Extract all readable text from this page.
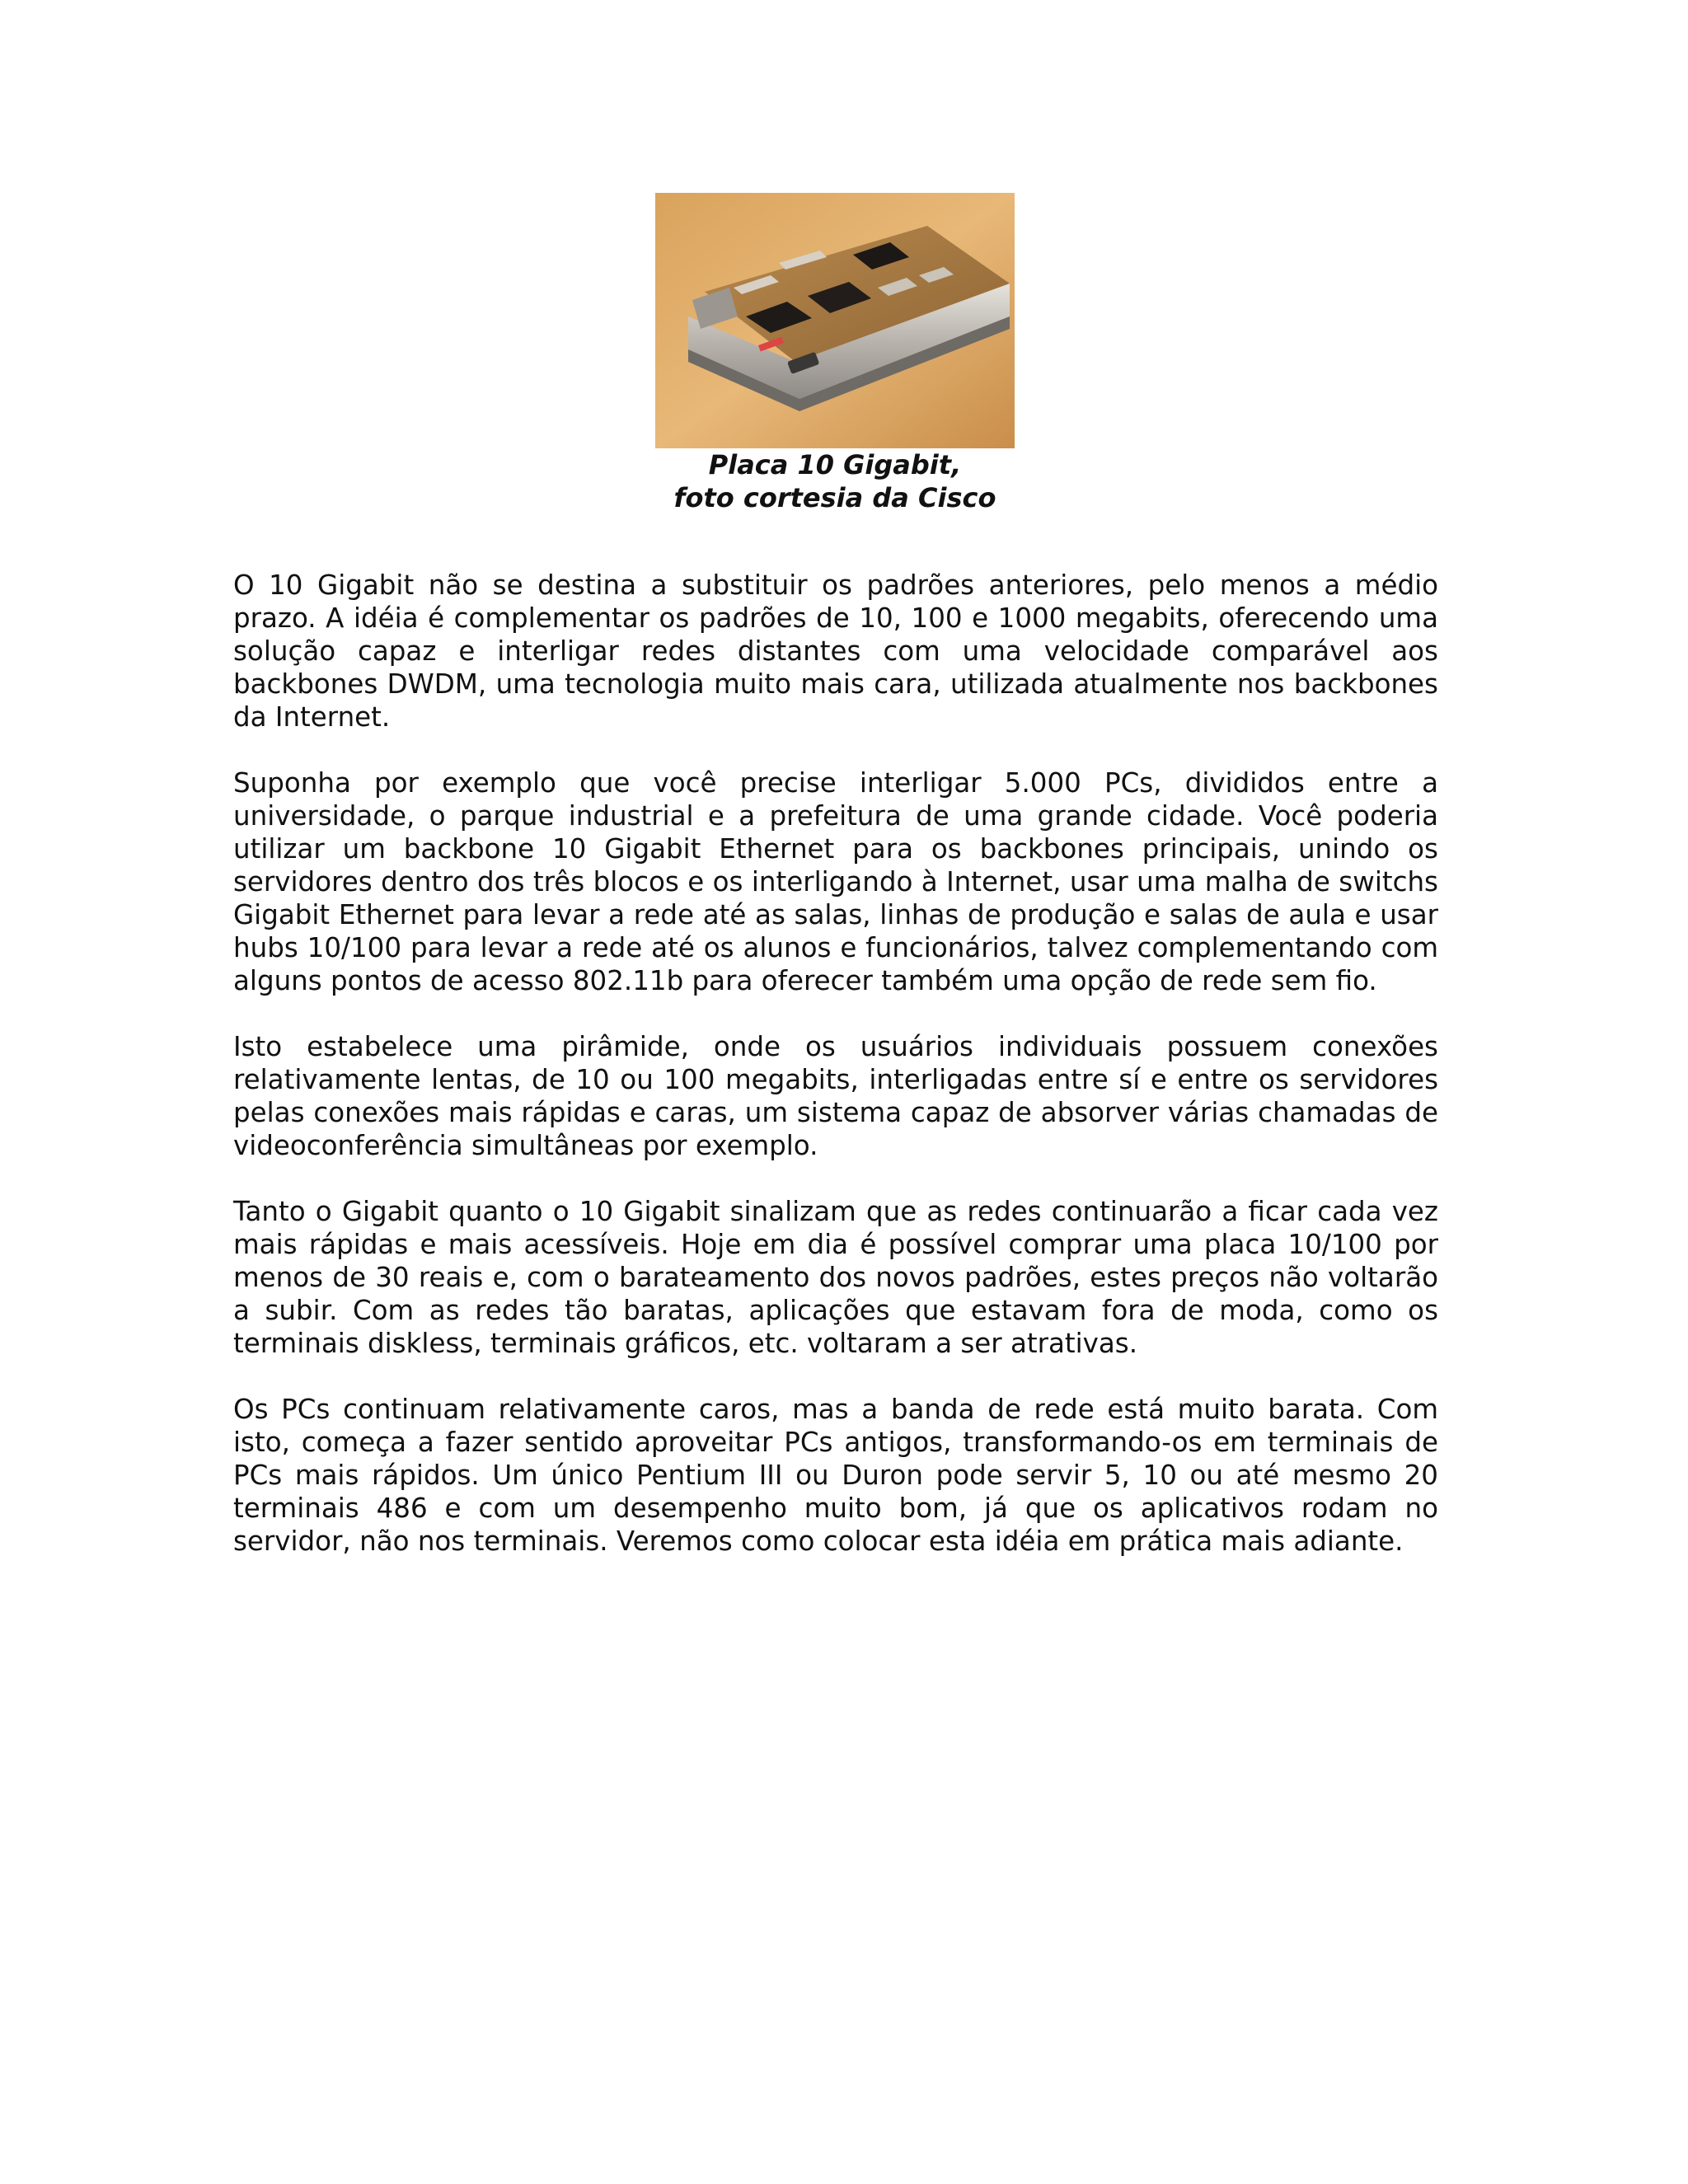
Placa 10 Gigabit,
foto cortesia da Cisco

O 10 Gigabit não se destina a substituir os padrões anteriores, pelo menos a médio prazo. A idéia é complementar os padrões de 10, 100 e 1000 megabits, oferecendo uma solução capaz e interligar redes distantes com uma velocidade comparável aos backbones DWDM, uma tecnologia muito mais cara, utilizada atualmente nos backbones da Internet.

Suponha por exemplo que você precise interligar 5.000 PCs, divididos entre a universidade, o parque industrial e a prefeitura de uma grande cidade. Você poderia utilizar um backbone 10 Gigabit Ethernet para os backbones principais, unindo os servidores dentro dos três blocos e os interligando à Internet, usar uma malha de switchs Gigabit Ethernet para levar a rede até as salas, linhas de produção e salas de aula e usar hubs 10/100 para levar a rede até os alunos e funcionários, talvez complementando com alguns pontos de acesso 802.11b para oferecer também uma opção de rede sem fio.

Isto estabelece uma pirâmide, onde os usuários individuais possuem conexões relativamente lentas, de 10 ou 100 megabits, interligadas entre sí e entre os servidores pelas conexões mais rápidas e caras, um sistema capaz de absorver várias chamadas de videoconferência simultâneas por exemplo.

Tanto o Gigabit quanto o 10 Gigabit sinalizam que as redes continuarão a ficar cada vez mais rápidas e mais acessíveis. Hoje em dia é possível comprar uma placa 10/100 por menos de 30 reais e, com o barateamento dos novos padrões, estes preços não voltarão a subir. Com as redes tão baratas, aplicações que estavam fora de moda, como os terminais diskless, terminais gráficos, etc. voltaram a ser atrativas.

Os PCs continuam relativamente caros, mas a banda de rede está muito barata. Com isto, começa a fazer sentido aproveitar PCs antigos, transformando-os em terminais de PCs mais rápidos. Um único Pentium III ou Duron pode servir 5, 10 ou até mesmo 20 terminais 486 e com um desempenho muito bom, já que os aplicativos rodam no servidor, não nos terminais. Veremos como colocar esta idéia em prática mais adiante.
